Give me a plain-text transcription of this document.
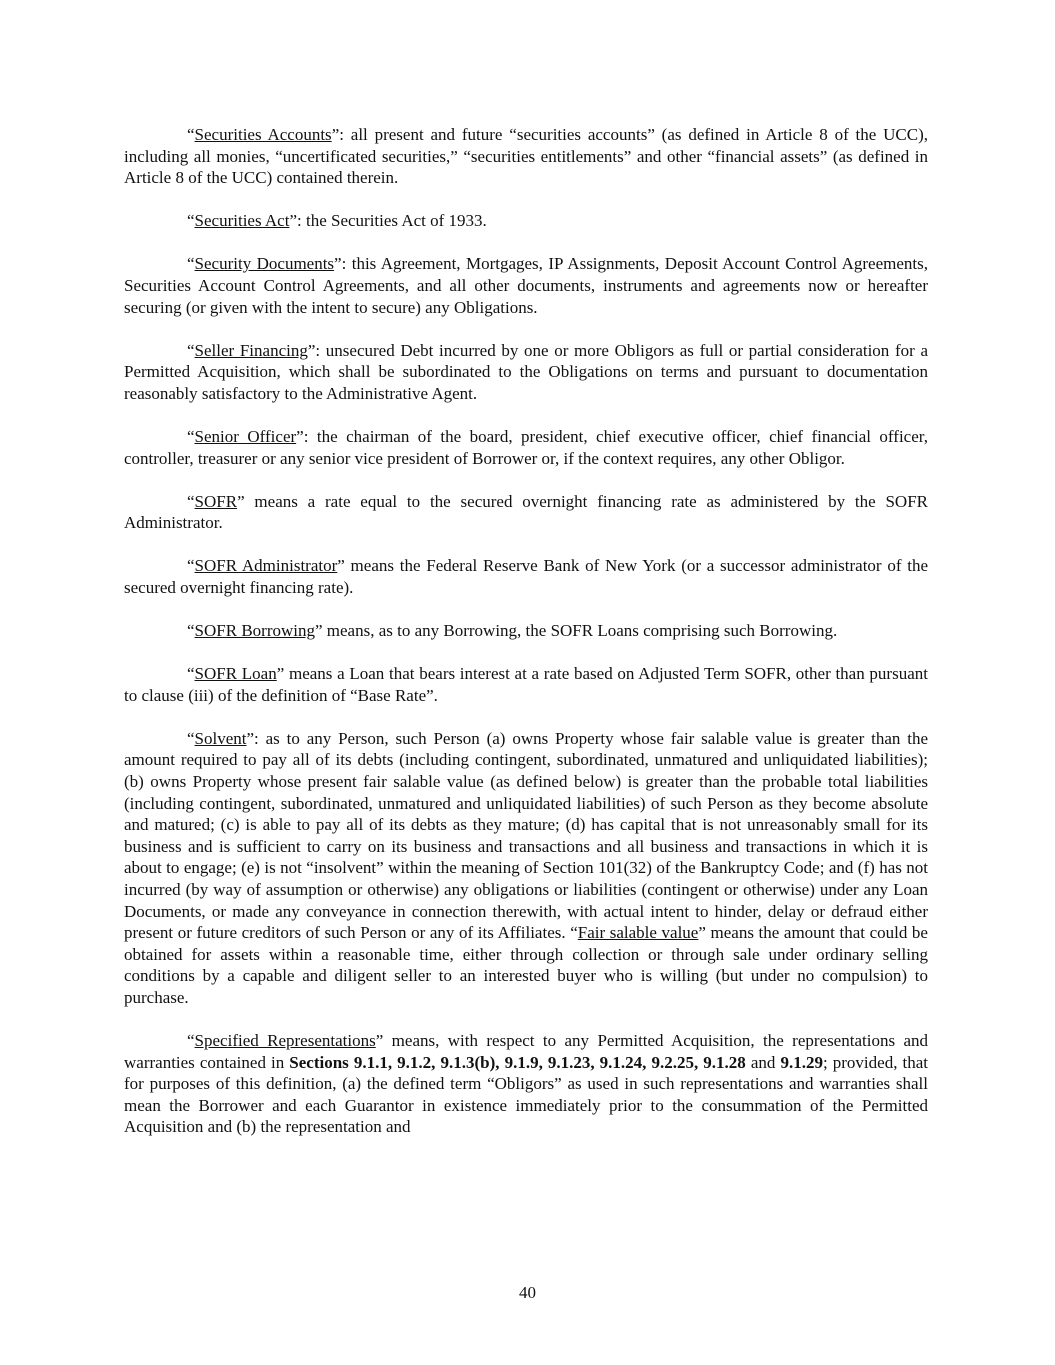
“Securities Accounts”: all present and future “securities accounts” (as defined in Article 8 of the UCC), including all monies, “uncertificated securities,” “securities entitlements” and other “financial assets” (as defined in Article 8 of the UCC) contained therein.

“Securities Act”: the Securities Act of 1933.

“Security Documents”: this Agreement, Mortgages, IP Assignments, Deposit Account Control Agreements, Securities Account Control Agreements, and all other documents, instruments and agreements now or hereafter securing (or given with the intent to secure) any Obligations.

“Seller Financing”: unsecured Debt incurred by one or more Obligors as full or partial consideration for a Permitted Acquisition, which shall be subordinated to the Obligations on terms and pursuant to documentation reasonably satisfactory to the Administrative Agent.

“Senior Officer”: the chairman of the board, president, chief executive officer, chief financial officer, controller, treasurer or any senior vice president of Borrower or, if the context requires, any other Obligor.

“SOFR” means a rate equal to the secured overnight financing rate as administered by the SOFR Administrator.

“SOFR Administrator” means the Federal Reserve Bank of New York (or a successor administrator of the secured overnight financing rate).

“SOFR Borrowing” means, as to any Borrowing, the SOFR Loans comprising such Borrowing.

“SOFR Loan” means a Loan that bears interest at a rate based on Adjusted Term SOFR, other than pursuant to clause (iii) of the definition of “Base Rate”.

“Solvent”: as to any Person, such Person (a) owns Property whose fair salable value is greater than the amount required to pay all of its debts (including contingent, subordinated, unmatured and unliquidated liabilities); (b) owns Property whose present fair salable value (as defined below) is greater than the probable total liabilities (including contingent, subordinated, unmatured and unliquidated liabilities) of such Person as they become absolute and matured; (c) is able to pay all of its debts as they mature; (d) has capital that is not unreasonably small for its business and is sufficient to carry on its business and transactions and all business and transactions in which it is about to engage; (e) is not “insolvent” within the meaning of Section 101(32) of the Bankruptcy Code; and (f) has not incurred (by way of assumption or otherwise) any obligations or liabilities (contingent or otherwise) under any Loan Documents, or made any conveyance in connection therewith, with actual intent to hinder, delay or defraud either present or future creditors of such Person or any of its Affiliates. “Fair salable value” means the amount that could be obtained for assets within a reasonable time, either through collection or through sale under ordinary selling conditions by a capable and diligent seller to an interested buyer who is willing (but under no compulsion) to purchase.

“Specified Representations” means, with respect to any Permitted Acquisition, the representations and warranties contained in Sections 9.1.1, 9.1.2, 9.1.3(b), 9.1.9, 9.1.23, 9.1.24, 9.2.25, 9.1.28 and 9.1.29; provided, that for purposes of this definition, (a) the defined term “Obligors” as used in such representations and warranties shall mean the Borrower and each Guarantor in existence immediately prior to the consummation of the Permitted Acquisition and (b) the representation and

40
